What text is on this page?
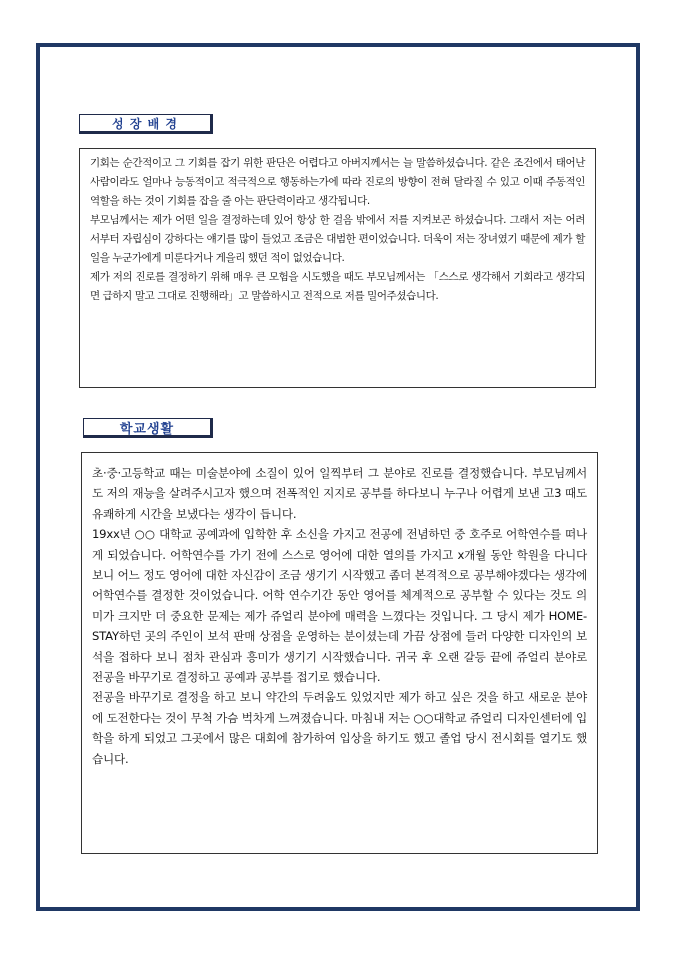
성 장 배 경

기회는 순간적이고 그 기회를 잡기 위한 판단은 어렵다고 아버지께서는 늘 말씀하셨습니다. 같은 조건에서 태어난 사람이라도 얼마나 능동적이고 적극적으로 행동하는가에 따라 진로의 방향이 전혀 달라질 수 있고 이때 주동적인 역할을 하는 것이 기회를 잡을 줄 아는 판단력이라고 생각됩니다.

부모님께서는 제가 어떤 일을 결정하는데 있어 항상 한 걸음 밖에서 저를 지켜보곤 하셨습니다. 그래서 저는 어려서부터 자립심이 강하다는 얘기를 많이 들었고 조금은 대범한 편이었습니다. 더욱이 저는 장녀였기 때문에 제가 할 일을 누군가에게 미룬다거나 게을리 했던 적이 없었습니다.

제가 저의 진로를 결정하기 위해 매우 큰 모험을 시도했을 때도 부모님께서는 「스스로 생각해서 기회라고 생각되면 급하지 말고 그대로 진행해라」고 말씀하시고 전적으로 저를 밀어주셨습니다.

학교생활

초·중·고등학교 때는 미술분야에 소질이 있어 일찍부터 그 분야로 진로를 결정했습니다. 부모님께서도 저의 재능을 살려주시고자 했으며 전폭적인 지지로 공부를 하다보니 누구나 어렵게 보낸 고3 때도 유쾌하게 시간을 보냈다는 생각이 듭니다.

19xx년 ○○ 대학교 공예과에 입학한 후 소신을 가지고 전공에 전념하던 중 호주로 어학연수를 떠나게 되었습니다. 어학연수를 가기 전에 스스로 영어에 대한 열의를 가지고 x개월 동안 학원을 다니다 보니 어느 정도 영어에 대한 자신감이 조금 생기기 시작했고 좀더 본격적으로 공부해야겠다는 생각에 어학연수를 결정한 것이었습니다. 어학 연수기간 동안 영어를 체계적으로 공부할 수 있다는 것도 의미가 크지만 더 중요한 문제는 제가 쥬얼리 분야에 매력을 느꼈다는 것입니다. 그 당시 제가 HOME-STAY하던 곳의 주인이 보석 판매 상점을 운영하는 분이셨는데 가끔 상점에 들러 다양한 디자인의 보석을 접하다 보니 점차 관심과 흥미가 생기기 시작했습니다. 귀국 후 오랜 갈등 끝에 쥬얼리 분야로 전공을 바꾸기로 결정하고 공예과 공부를 접기로 했습니다.

전공을 바꾸기로 결정을 하고 보니 약간의 두려움도 있었지만 제가 하고 싶은 것을 하고 새로운 분야에 도전한다는 것이 무척 가슴 벅차게 느껴졌습니다. 마침내 저는 ○○대학교 쥬얼리 디자인센터에 입학을 하게 되었고 그곳에서 많은 대회에 참가하여 입상을 하기도 했고 졸업 당시 전시회를 열기도 했습니다.
